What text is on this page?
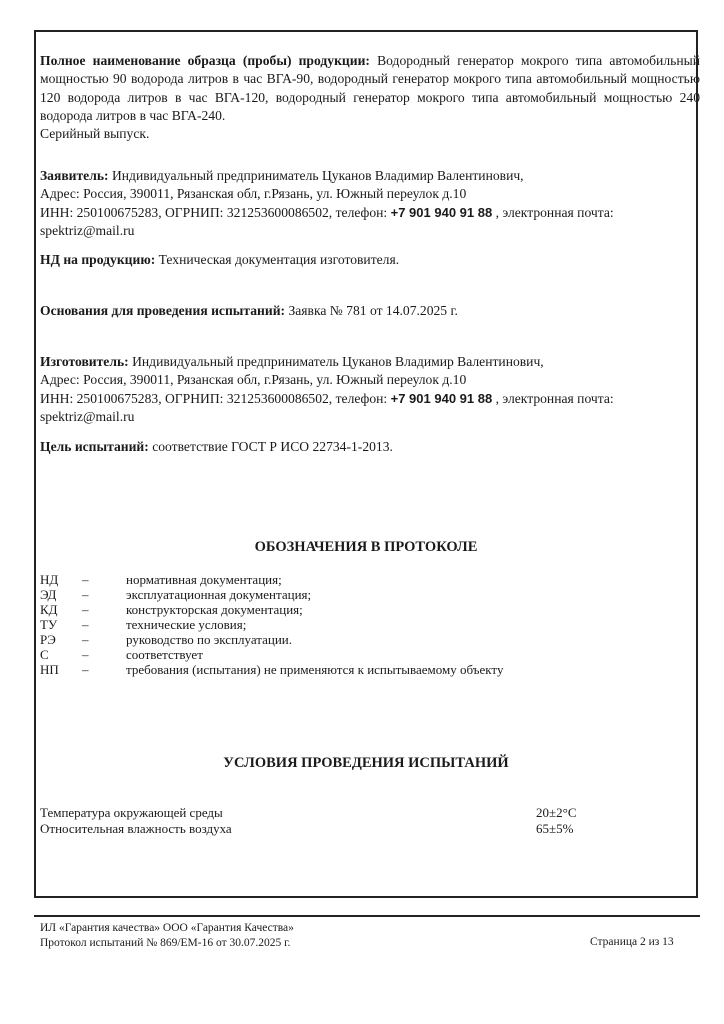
Полное наименование образца (пробы) продукции: Водородный генератор мокрого типа автомобильный мощностью 90 водорода литров в час ВГА-90, водородный генератор мокрого типа автомобильный мощностью 120 водорода литров в час ВГА-120, водородный генератор мокрого типа автомобильный мощностью 240 водорода литров в час ВГА-240.

Серийный выпуск.

Заявитель: Индивидуальный предприниматель Цуканов Владимир Валентинович,

Адрес: Россия, 390011, Рязанская обл, г.Рязань, ул. Южный переулок д.10

ИНН: 250100675283, ОГРНИП: 321253600086502, телефон: +7 901 940 91 88 , электронная почта:

spektriz@mail.ru

НД на продукцию: Техническая документация изготовителя.

Основания для проведения испытаний: Заявка № 781 от 14.07.2025 г.

Изготовитель: Индивидуальный предприниматель Цуканов Владимир Валентинович,

Адрес: Россия, 390011, Рязанская обл, г.Рязань, ул. Южный переулок д.10

ИНН: 250100675283, ОГРНИП: 321253600086502, телефон: +7 901 940 91 88 , электронная почта:

spektriz@mail.ru

Цель испытаний: соответствие ГОСТ Р ИСО 22734-1-2013.

ОБОЗНАЧЕНИЯ В ПРОТОКОЛЕ
НД –	нормативная документация;
ЭД –	эксплуатационная документация;
КД –	конструкторская документация;
ТУ –	технические условия;
РЭ –	руководство по эксплуатации.
С	–	соответствует
НП –	требования (испытания) не применяются к испытываемому объекту
УСЛОВИЯ ПРОВЕДЕНИЯ ИСПЫТАНИЙ
Температура окружающей среды	20±2°С
Относительная влажность воздуха	65±5%
ИЛ «Гарантия качества» ООО «Гарантия Качества»
Протокол испытаний № 869/ЕМ-16 от 30.07.2025 г.	Страница 2 из 13
